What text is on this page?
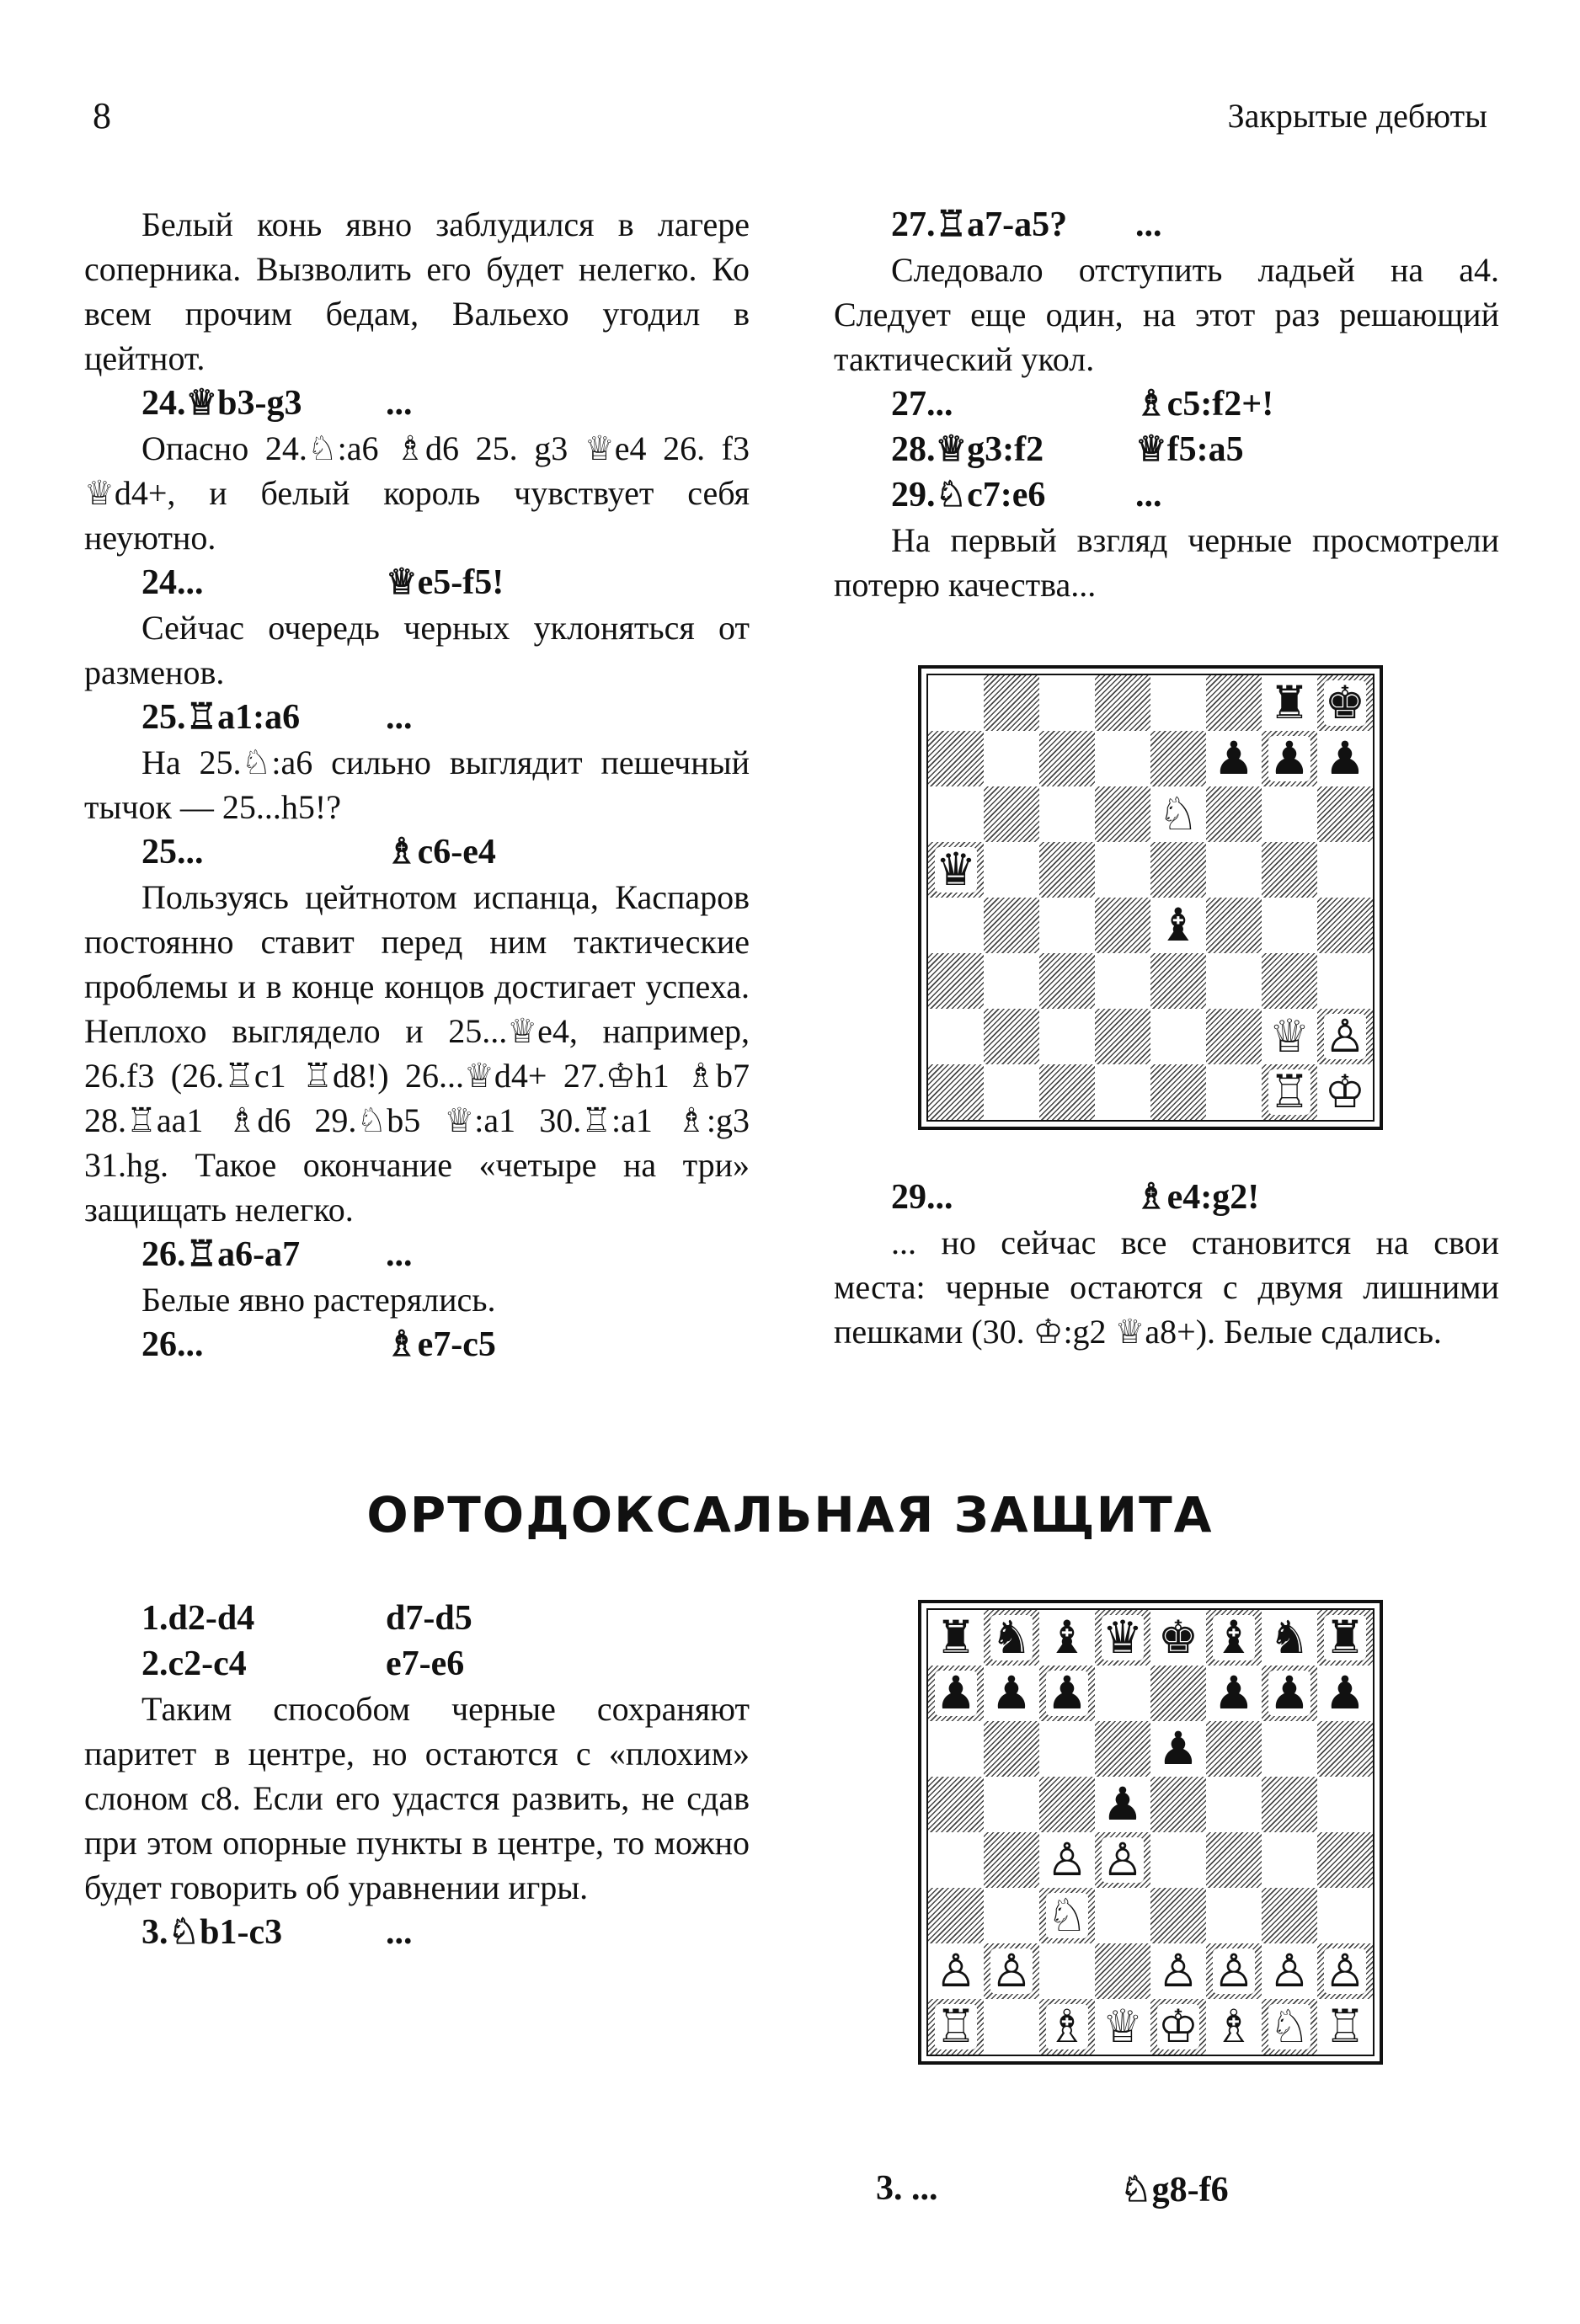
8	Закрытые дебюты

Белый конь явно заблудился в лагере соперника. Вызволить его будет нелегко. Ко всем прочим бедам, Вальехо угодил в цейтнот.

24.♕b3-g3	...

Опасно 24.♘:a6 ♗d6 25. g3 ♕e4 26. f3 ♕d4+, и белый король чувствует себя неуютно.

24...	♕e5-f5!

Сейчас очередь черных уклоняться от разменов.

25.♖a1:a6	...

На 25.♘:a6 сильно выглядит пешечный тычок — 25...h5!?

25...	♗c6-e4

Пользуясь цейтнотом испанца, Каспаров постоянно ставит перед ним тактические проблемы и в конце концов достигает успеха. Неплохо выглядело и 25...♕e4, например, 26.f3 (26.♖c1 ♖d8!) 26...♕d4+ 27.♔h1 ♗b7 28.♖aa1 ♗d6 29.♘b5 ♕:a1 30.♖:a1 ♗:g3 31.hg. Такое окончание «четыре на три» защищать нелегко.

26.♖a6-a7	...

Белые явно растерялись.

26...	♗e7-c5
27.♖a7-a5?	...

Следовало отступить ладьей на a4. Следует еще один, на этот раз решающий тактический укол.

27...	♗c5:f2+!
28.♕g3:f2	♕f5:a5
29.♘c7:e6	...

На первый взгляд черные просмотрели потерю качества...

♜ ♚
♟ ♟ ♟
♘
♛
♝
♕ ♙
♖ ♔
29...	♗e4:g2!

... но сейчас все становится на свои места: черные остаются с двумя лишними пешками (30. ♔:g2 ♕a8+). Белые сдались.

ОРТОДОКСАЛЬНАЯ ЗАЩИТА
1.d2-d4	d7-d5
2.c2-c4	e7-e6

Таким способом черные сохраняют паритет в центре, но остаются с «плохим» слоном c8. Если его удастся развить, не сдав при этом опорные пункты в центре, то можно будет говорить об уравнении игры.

3.♘b1-c3	...
♜ ♞ ♝ ♛ ♚ ♝ ♞ ♜
♟ ♟ ♟	♟ ♟ ♟
♟
♟
♙ ♙
♘
♙ ♙	♙ ♙ ♙ ♙
♖ ♗ ♕ ♔ ♗ ♘ ♖
3. ...	♘g8-f6
